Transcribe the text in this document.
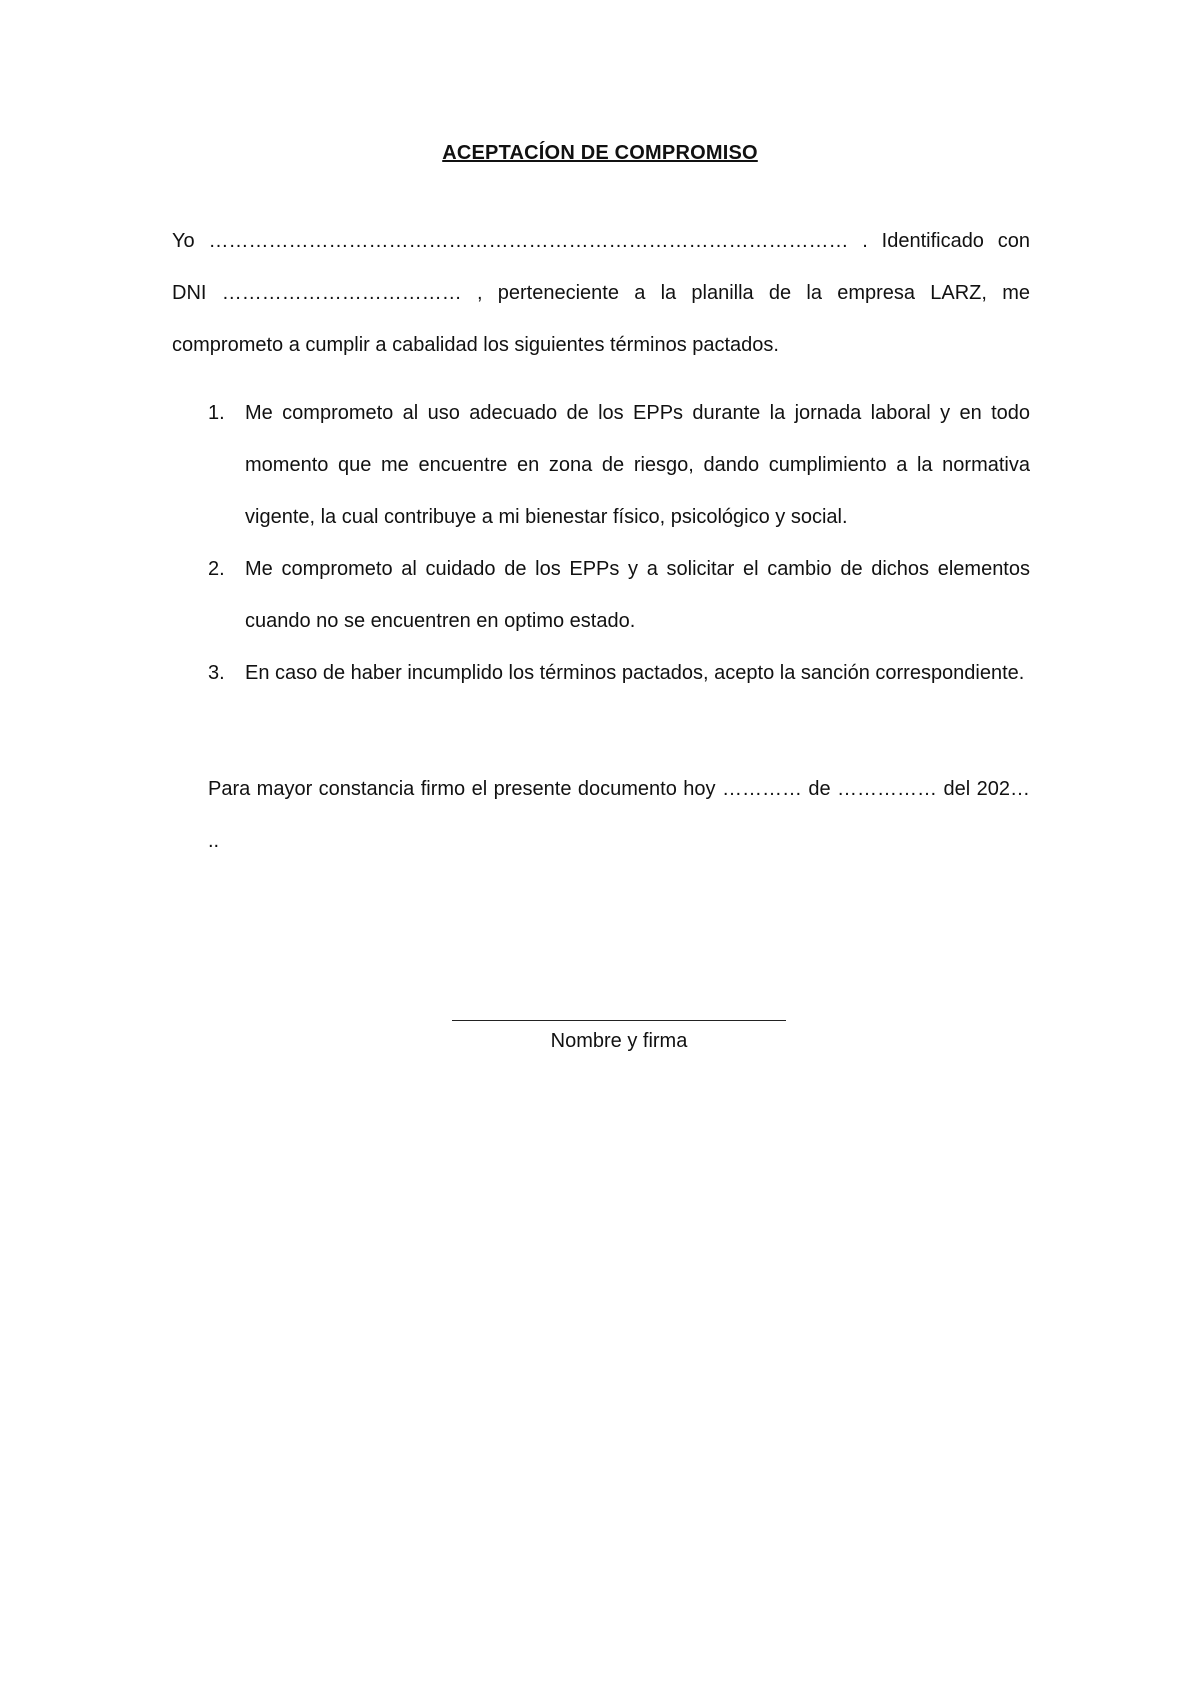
ACEPTACÍON DE COMPROMISO

Yo …………………………………………………………………………………… . Identificado con DNI ……………………………… , perteneciente a la planilla de la empresa LARZ, me comprometo a cumplir a cabalidad los siguientes términos pactados.

1. Me comprometo al uso adecuado de los EPPs durante la jornada laboral y en todo momento que me encuentre en zona de riesgo, dando cumplimiento a la normativa vigente, la cual contribuye a mi bienestar físico, psicológico y social.
2. Me comprometo al cuidado de los EPPs y a solicitar el cambio de dichos elementos cuando no se encuentren en optimo estado.
3. En caso de haber incumplido los términos pactados, acepto la sanción correspondiente.

Para mayor constancia firmo el presente documento hoy ………… de …………… del 202… ..

Nombre y firma
